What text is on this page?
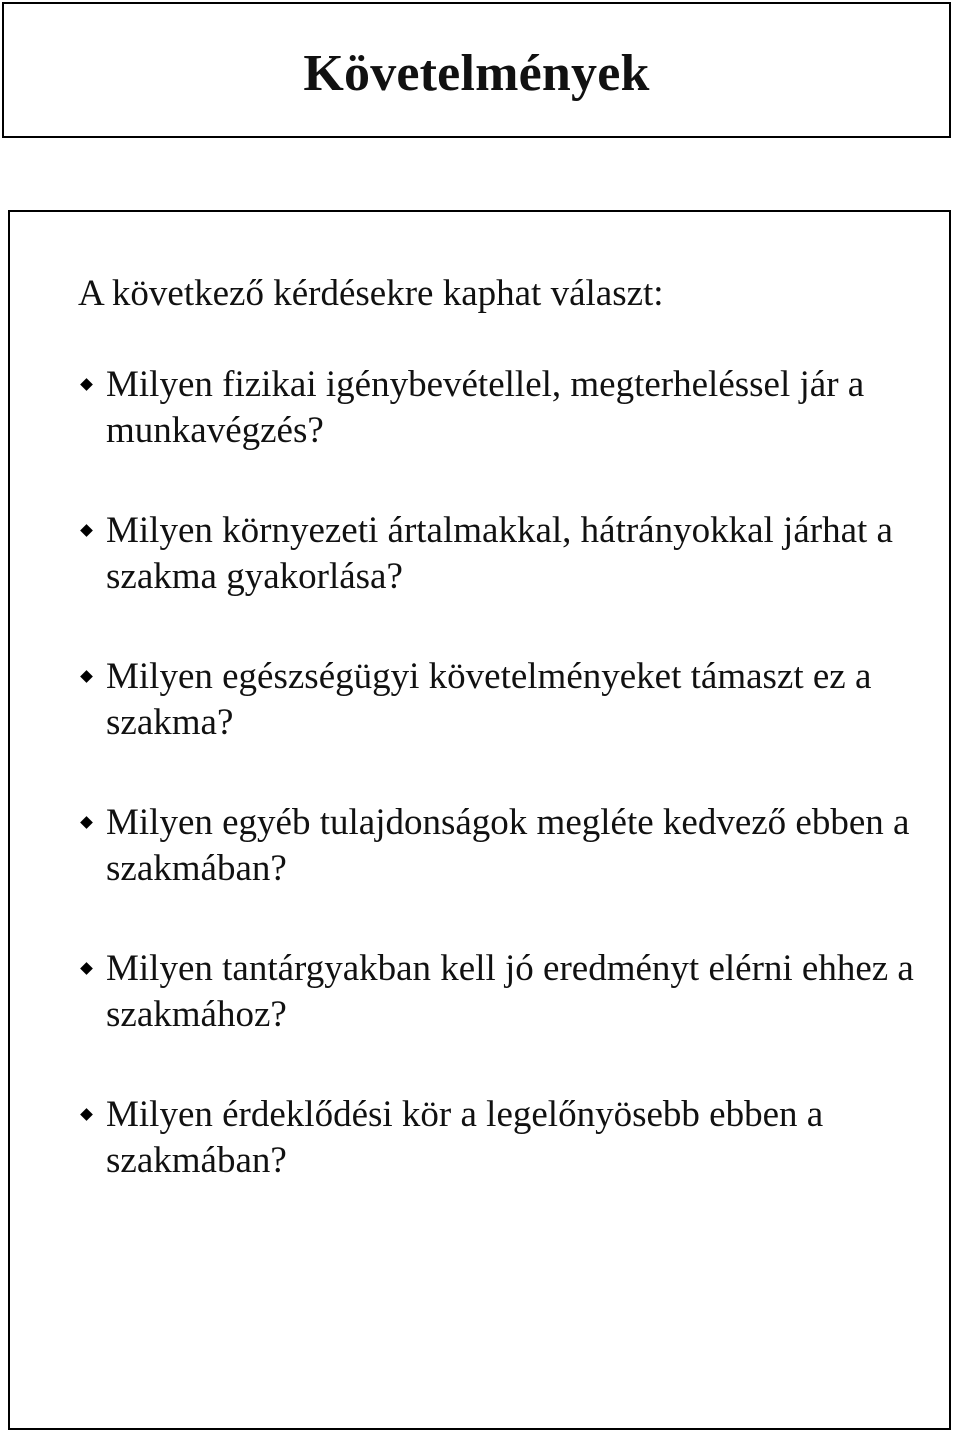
Követelmények

A következő kérdésekre kaphat választ:

Milyen fizikai igénybevétellel, megterheléssel jár a munkavégzés?
Milyen környezeti ártalmakkal, hátrányokkal járhat a szakma gyakorlása?
Milyen egészségügyi követelményeket támaszt ez a szakma?
Milyen egyéb tulajdonságok megléte kedvező ebben a szakmában?
Milyen tantárgyakban kell jó eredményt elérni ehhez a szakmához?
Milyen érdeklődési kör a legelőnyösebb ebben a szakmában?
